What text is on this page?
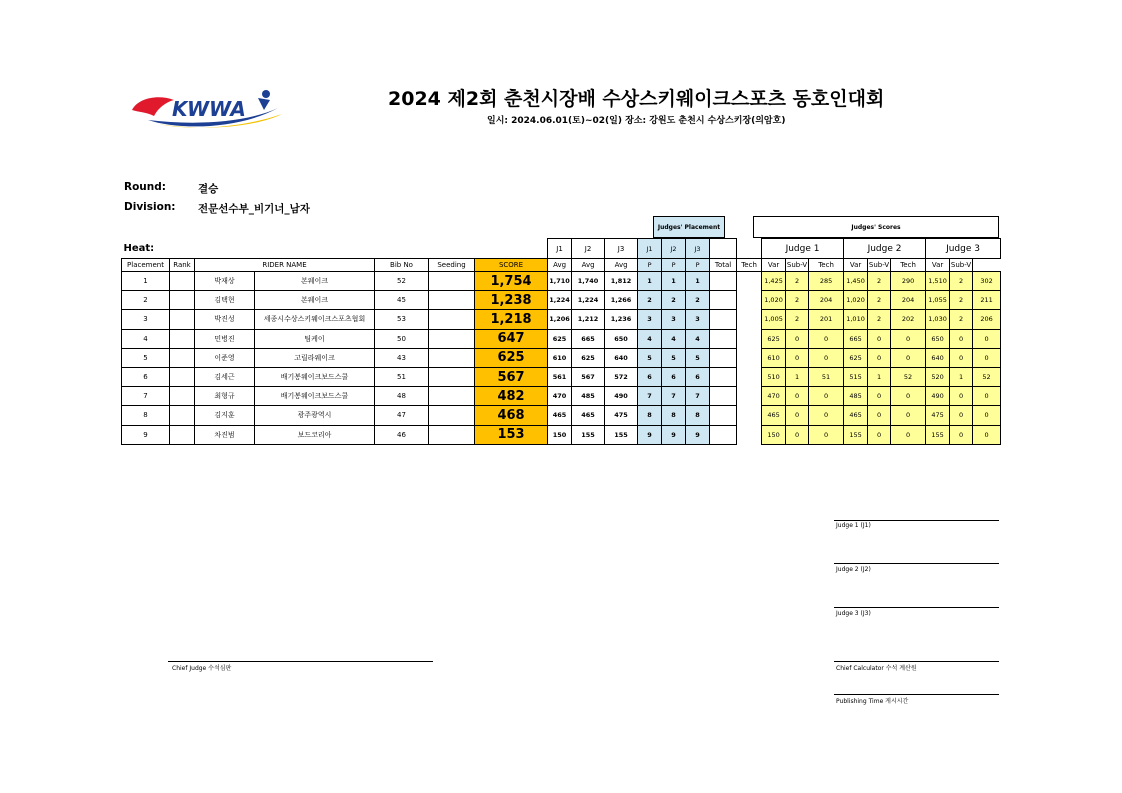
KWWA	2024 제2회 춘천시장배 수상스키웨이크스포츠 동호인대회
일시: 2024.06.01(토)~02(일) 장소: 강원도 춘천시 수상스키장(의암호)
Round:	결승
Division: 전문선수부_비기너_남자
Judges' Placement	Judges' Scores
Heat:							J1	J2	J3	J1	J2	J3			Judge 1			Judge 2			Judge 3		
Placement	Rank	RIDER NAME		Bib No	Seeding	SCORE	Avg	Avg	Avg	P	P	P	Total	Tech	Var	Sub-V	Tech	Var	Sub-V	Tech	Var	Sub-V	
1		박재상	본웨이크	52		1,754	1,710	1,740	1,812	1	1	1			1,425	2	285	1,450	2	290	1,510	2	302
2		김택현	본웨이크	45		1,238	1,224	1,224	1,266	2	2	2			1,020	2	204	1,020	2	204	1,055	2	211
3		박진성	세종시수상스키웨이크스포츠협회	53		1,218	1,206	1,212	1,236	3	3	3			1,005	2	201	1,010	2	202	1,030	2	206
4		민병진	팀케이	50		647	625	665	650	4	4	4			625	0	0	665	0	0	650	0	0
5		이준영	고릴라웨이크	43		625	610	625	640	5	5	5			610	0	0	625	0	0	640	0	0
6		김세근	배기봉웨이크보드스쿨	51		567	561	567	572	6	6	6			510	1	51	515	1	52	520	1	52
7		최형규	배기봉웨이크보드스쿨	48		482	470	485	490	7	7	7			470	0	0	485	0	0	490	0	0
8		김지훈	광주광역시	47		468	465	465	475	8	8	8			465	0	0	465	0	0	475	0	0
9		차진범	보드코리아	46		153	150	155	155	9	9	9			150	0	0	155	0	0	155	0	0
Judge 1 (J1)
Judge 2 (J2)
Judge 3 (J3)
Chief Judge 수석심판	Chief Calculator 수석 계산원
Publishing Time 게시시간
